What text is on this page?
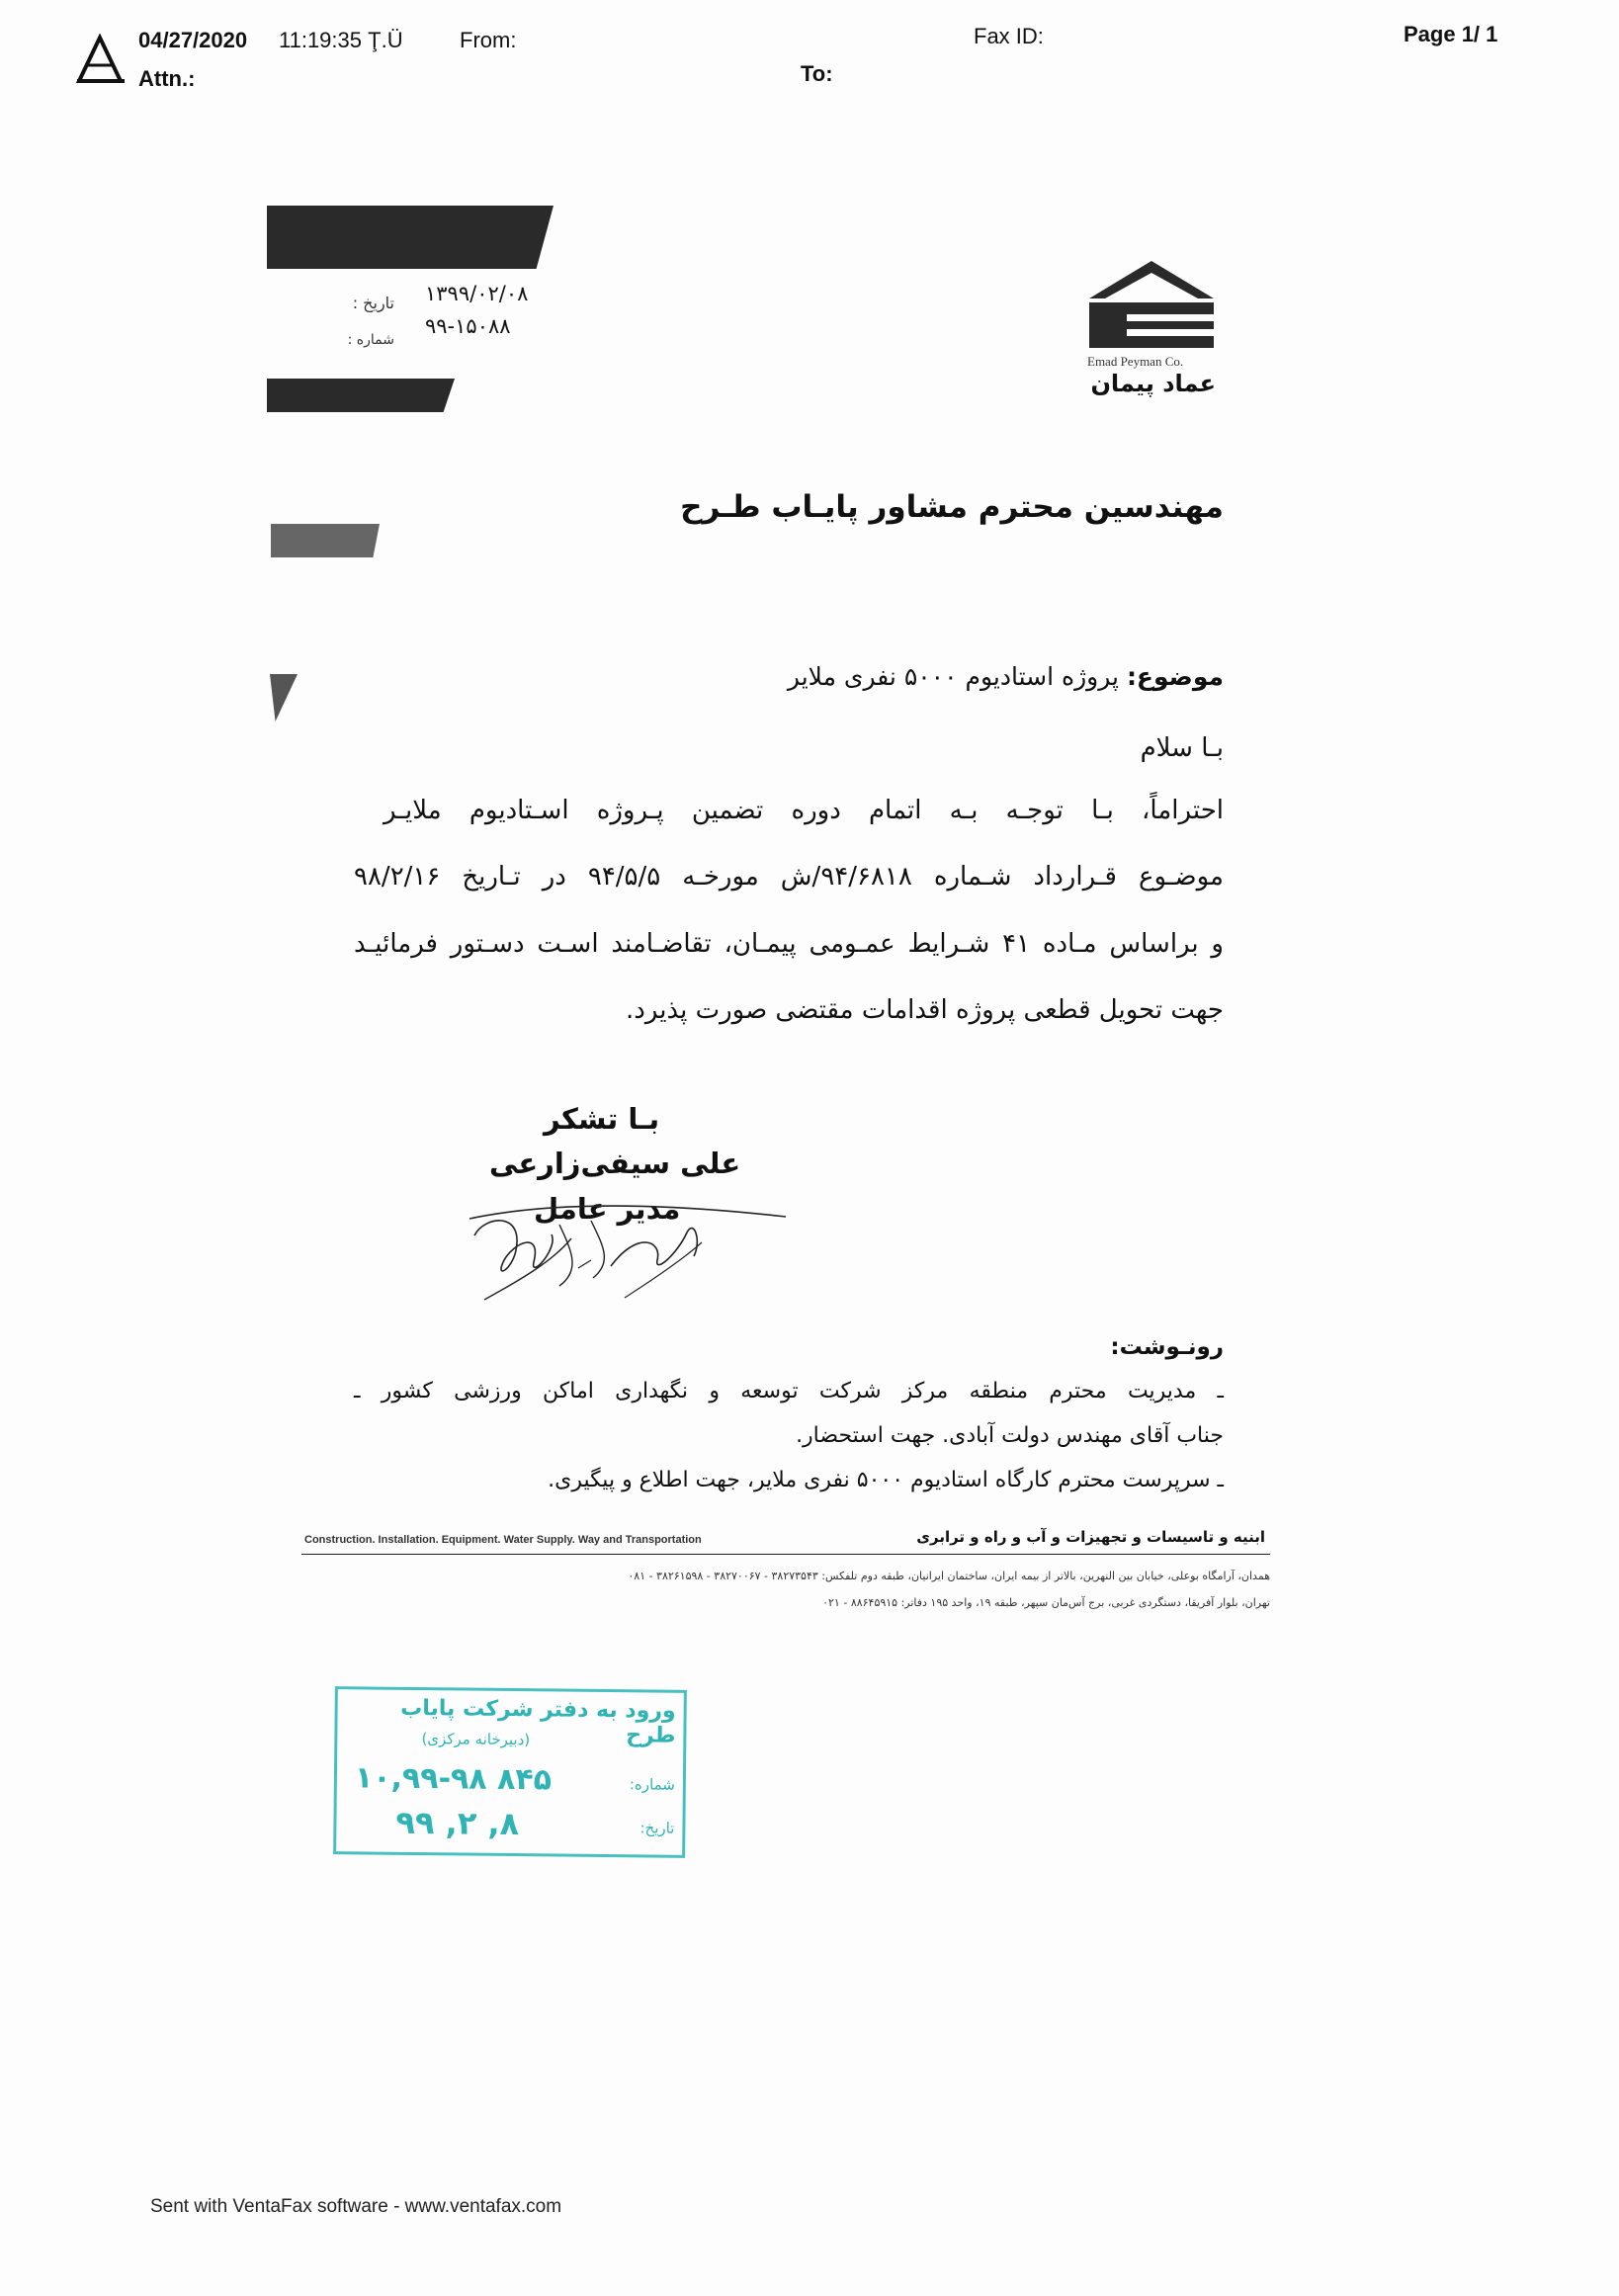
04/27/2020 11:19:35 Ţ.Ü	From:	Fax ID:	Page 1/ 1
Attn.:	To:
۱۳۹۹/۰۲/۰۸
تاریخ :
۹۹-۱۵۰۸۸
شماره :
Emad Peyman Co.
عماد پیمان
مهندسین محترم مشاور پایـاب طـرح
موضوع: پروژه استادیوم ۵۰۰۰ نفری ملایر
بـا سلام
احتراماً، بـا توجـه بـه اتمام دوره تضمین پـروژه اسـتادیوم ملایـر
موضـوع قـرارداد شـماره ۹۴/۶۸۱۸/ش مورخـه ۹۴/۵/۵ در تـاریخ ۹۸/۲/۱۶
و براساس مـاده ۴۱ شـرایط عمـومی پیمـان، تقاضـامند اسـت دسـتور فرمائیـد
جهت تحویل قطعی پروژه اقدامات مقتضی صورت پذیرد.
بـا تشکر
علی سیفی‌زارعی
مدیر عامل
رونـوشت:
ـ مدیریت محترم منطقه مرکز شرکت توسعه و نگهداری اماکن ورزشی کشور ـ
جناب آقای مهندس دولت آبادی. جهت استحضار.
ـ سرپرست محترم کارگاه استادیوم ۵۰۰۰ نفری ملایر، جهت اطلاع و پیگیری.
Construction. Installation. Equipment. Water Supply. Way and Transportation	ابنیه و تاسیسات و تجهیزات و آب و راه و ترابری
همدان، آرامگاه بوعلی، خیابان بین النهرین، بالاتر از بیمه ایران، ساختمان ایرانیان، طبقه دوم تلفکس: ۳۸۲۷۳۵۴۳ - ۳۸۲۷۰۰۶۷ - ۳۸۲۶۱۵۹۸ - ۰۸۱
تهران، بلوار آفریقا، دستگردی غربی، برج آس‌مان سپهر، طبقه ۱۹، واحد ۱۹۵ دفاتر: ۸۸۶۴۵۹۱۵ - ۰۲۱
ورود به دفتر شرکت پایاب طرح
(دبیرخانه مرکزی)
شماره:
۱۰,۹۹-۹۸ ۸۴۵
تاریخ:
۹۹ ,۲ ,۸
Sent with VentaFax software - www.ventafax.com
